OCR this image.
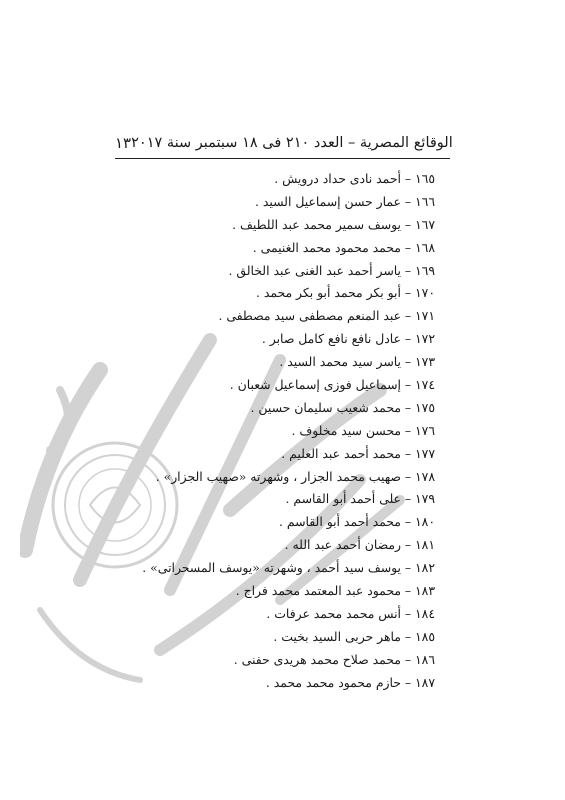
١٣ الوقائع المصرية – العدد ٢١٠ فى ١٨ سبتمبر سنة ٢٠١٧
١٦٥ – أحمد نادى حداد درويش .
١٦٦ – عمار حسن إسماعيل السيد .
١٦٧ – يوسف سمير محمد عبد اللطيف .
١٦٨ – محمد محمود محمد الغنيمى .
١٦٩ – ياسر أحمد عبد الغنى عبد الخالق .
١٧٠ – أبو بكر محمد أبو بكر محمد .
١٧١ – عبد المنعم مصطفى سيد مصطفى .
١٧٢ – عادل نافع نافع كامل صابر .
١٧٣ – ياسر سيد محمد السيد .
١٧٤ – إسماعيل فوزى إسماعيل شعبان .
١٧٥ – محمد شعيب سليمان حسين .
١٧٦ – محسن سيد مخلوف .
١٧٧ – محمد أحمد عبد العليم .
١٧٨ – صهيب محمد الجزار ، وشهرته «صهيب الجزار» .
١٧٩ – على أحمد أبو القاسم .
١٨٠ – محمد أحمد أبو القاسم .
١٨١ – رمضان أحمد عبد الله .
١٨٢ – يوسف سيد أحمد ، وشهرته «يوسف المسحراتى» .
١٨٣ – محمود عبد المعتمد محمد فراج .
١٨٤ – أنس محمد محمد عرفات .
١٨٥ – ماهر حربى السيد بخيت .
١٨٦ – محمد صلاح محمد هريدى حفنى .
١٨٧ – حازم محمود محمد محمد .
